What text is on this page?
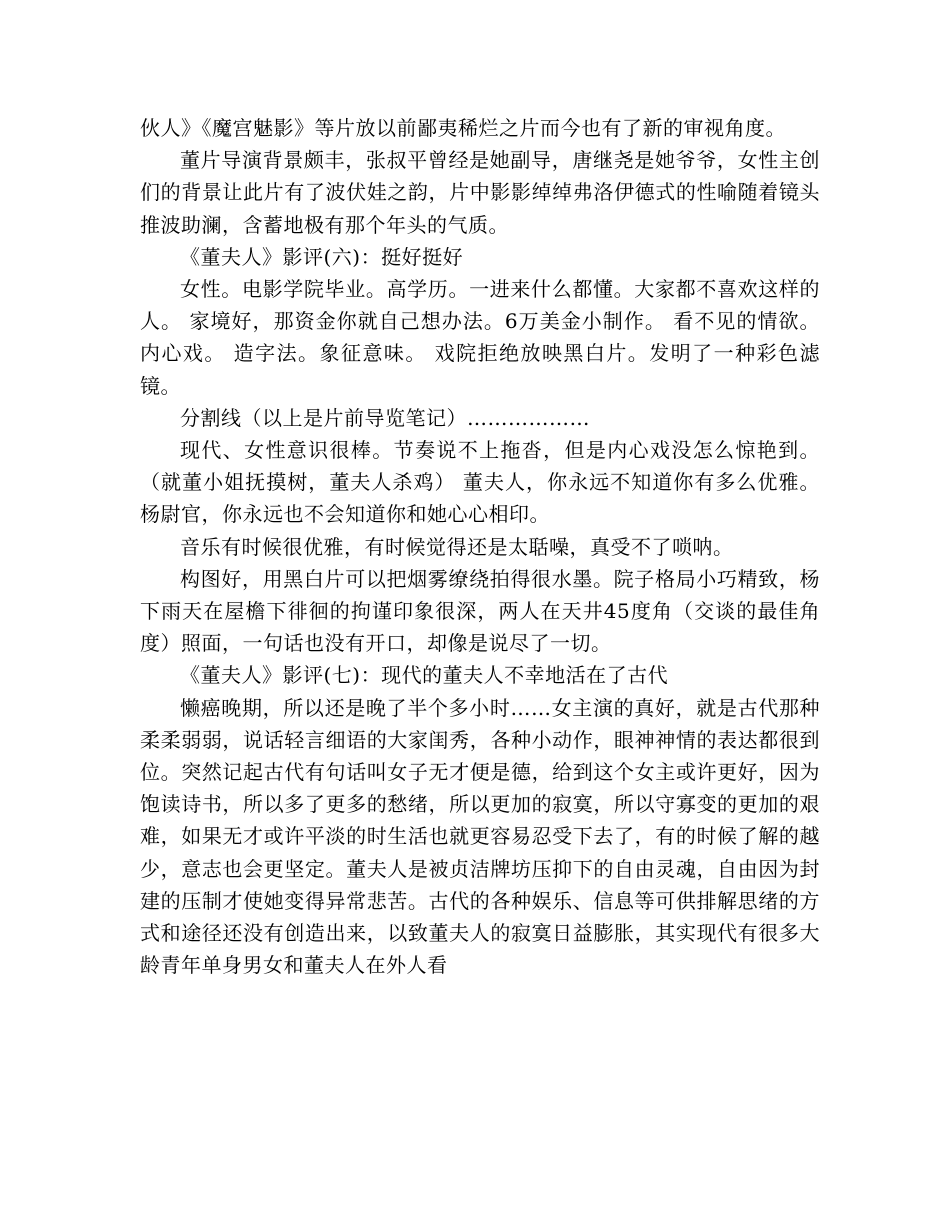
伙人》《魔宫魅影》等片放以前鄙夷稀烂之片而今也有了新的审视角度。

董片导演背景颇丰，张叔平曾经是她副导，唐继尧是她爷爷，女性主创们的背景让此片有了波伏娃之韵，片中影影绰绰弗洛伊德式的性喻随着镜头推波助澜，含蓄地极有那个年头的气质。

《董夫人》影评(六)：挺好挺好

女性。电影学院毕业。高学历。一进来什么都懂。大家都不喜欢这样的人。 家境好，那资金你就自己想办法。6万美金小制作。 看不见的情欲。内心戏。 造字法。象征意味。 戏院拒绝放映黑白片。发明了一种彩色滤镜。

分割线（以上是片前导览笔记）………………

现代、女性意识很棒。节奏说不上拖沓，但是内心戏没怎么惊艳到。（就董小姐抚摸树，董夫人杀鸡） 董夫人，你永远不知道你有多么优雅。杨尉官，你永远也不会知道你和她心心相印。

音乐有时候很优雅，有时候觉得还是太聒噪，真受不了唢呐。

构图好，用黑白片可以把烟雾缭绕拍得很水墨。院子格局小巧精致，杨下雨天在屋檐下徘徊的拘谨印象很深，两人在天井45度角（交谈的最佳角度）照面，一句话也没有开口，却像是说尽了一切。

《董夫人》影评(七)：现代的董夫人不幸地活在了古代

懒癌晚期，所以还是晚了半个多小时……女主演的真好，就是古代那种柔柔弱弱，说话轻言细语的大家闺秀，各种小动作，眼神神情的表达都很到位。突然记起古代有句话叫女子无才便是德，给到这个女主或许更好，因为饱读诗书，所以多了更多的愁绪，所以更加的寂寞，所以守寡变的更加的艰难，如果无才或许平淡的时生活也就更容易忍受下去了，有的时候了解的越少，意志也会更坚定。董夫人是被贞洁牌坊压抑下的自由灵魂，自由因为封建的压制才使她变得异常悲苦。古代的各种娱乐、信息等可供排解思绪的方式和途径还没有创造出来，以致董夫人的寂寞日益膨胀，其实现代有很多大龄青年单身男女和董夫人在外人看
